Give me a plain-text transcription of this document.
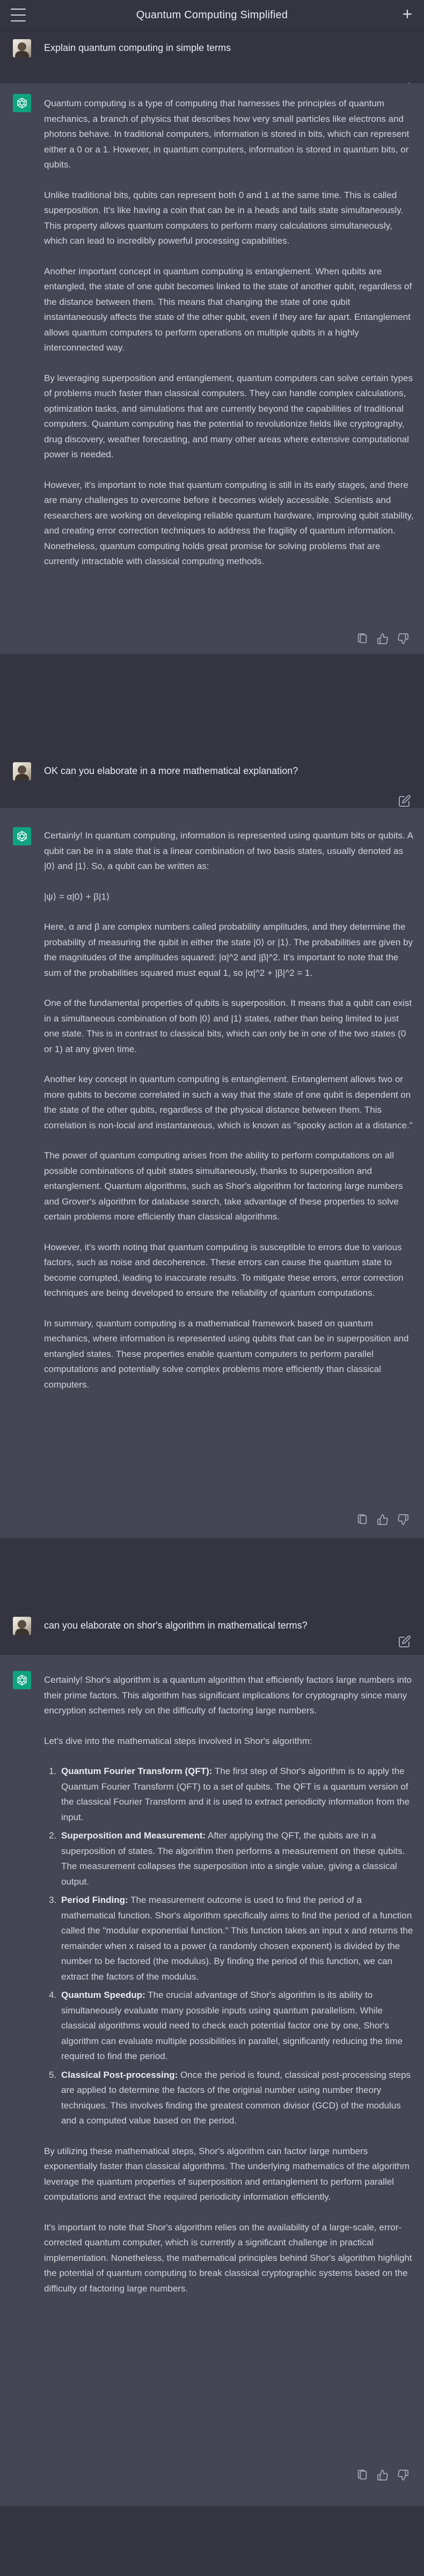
Quantum Computing Simplified	+
Explain quantum computing in simple terms

Quantum computing is a type of computing that harnesses the principles of quantum mechanics, a branch of physics that describes how very small particles like electrons and photons behave. In traditional computers, information is stored in bits, which can represent either a 0 or a 1. However, in quantum computers, information is stored in quantum bits, or qubits.

Unlike traditional bits, qubits can represent both 0 and 1 at the same time. This is called superposition. It's like having a coin that can be in a heads and tails state simultaneously. This property allows quantum computers to perform many calculations simultaneously, which can lead to incredibly powerful processing capabilities.

Another important concept in quantum computing is entanglement. When qubits are entangled, the state of one qubit becomes linked to the state of another qubit, regardless of the distance between them. This means that changing the state of one qubit instantaneously affects the state of the other qubit, even if they are far apart. Entanglement allows quantum computers to perform operations on multiple qubits in a highly interconnected way.

By leveraging superposition and entanglement, quantum computers can solve certain types of problems much faster than classical computers. They can handle complex calculations, optimization tasks, and simulations that are currently beyond the capabilities of traditional computers. Quantum computing has the potential to revolutionize fields like cryptography, drug discovery, weather forecasting, and many other areas where extensive computational power is needed.

However, it's important to note that quantum computing is still in its early stages, and there are many challenges to overcome before it becomes widely accessible. Scientists and researchers are working on developing reliable quantum hardware, improving qubit stability, and creating error correction techniques to address the fragility of quantum information. Nonetheless, quantum computing holds great promise for solving problems that are currently intractable with classical computing methods.

OK can you elaborate in a more mathematical explanation?

Certainly! In quantum computing, information is represented using quantum bits or qubits. A qubit can be in a state that is a linear combination of two basis states, usually denoted as |0⟩ and |1⟩. So, a qubit can be written as:

|ψ⟩ = α|0⟩ + β|1⟩

Here, α and β are complex numbers called probability amplitudes, and they determine the probability of measuring the qubit in either the state |0⟩ or |1⟩. The probabilities are given by the magnitudes of the amplitudes squared: |α|^2 and |β|^2. It's important to note that the sum of the probabilities squared must equal 1, so |α|^2 + |β|^2 = 1.

One of the fundamental properties of qubits is superposition. It means that a qubit can exist in a simultaneous combination of both |0⟩ and |1⟩ states, rather than being limited to just one state. This is in contrast to classical bits, which can only be in one of the two states (0 or 1) at any given time.

Another key concept in quantum computing is entanglement. Entanglement allows two or more qubits to become correlated in such a way that the state of one qubit is dependent on the state of the other qubits, regardless of the physical distance between them. This correlation is non-local and instantaneous, which is known as "spooky action at a distance."

The power of quantum computing arises from the ability to perform computations on all possible combinations of qubit states simultaneously, thanks to superposition and entanglement. Quantum algorithms, such as Shor's algorithm for factoring large numbers and Grover's algorithm for database search, take advantage of these properties to solve certain problems more efficiently than classical algorithms.

However, it's worth noting that quantum computing is susceptible to errors due to various factors, such as noise and decoherence. These errors can cause the quantum state to become corrupted, leading to inaccurate results. To mitigate these errors, error correction techniques are being developed to ensure the reliability of quantum computations.

In summary, quantum computing is a mathematical framework based on quantum mechanics, where information is represented using qubits that can be in superposition and entangled states. These properties enable quantum computers to perform parallel computations and potentially solve complex problems more efficiently than classical computers.

can you elaborate on shor's algorithm in mathematical terms?

Certainly! Shor's algorithm is a quantum algorithm that efficiently factors large numbers into their prime factors. This algorithm has significant implications for cryptography since many encryption schemes rely on the difficulty of factoring large numbers.

Let's dive into the mathematical steps involved in Shor's algorithm:

1. Quantum Fourier Transform (QFT): The first step of Shor's algorithm is to apply the Quantum Fourier Transform (QFT) to a set of qubits. The QFT is a quantum version of the classical Fourier Transform and it is used to extract periodicity information from the input.
2. Superposition and Measurement: After applying the QFT, the qubits are in a superposition of states. The algorithm then performs a measurement on these qubits. The measurement collapses the superposition into a single value, giving a classical output.
3. Period Finding: The measurement outcome is used to find the period of a mathematical function. Shor's algorithm specifically aims to find the period of a function called the "modular exponential function." This function takes an input x and returns the remainder when x raised to a power (a randomly chosen exponent) is divided by the number to be factored (the modulus). By finding the period of this function, we can extract the factors of the modulus.
4. Quantum Speedup: The crucial advantage of Shor's algorithm is its ability to simultaneously evaluate many possible inputs using quantum parallelism. While classical algorithms would need to check each potential factor one by one, Shor's algorithm can evaluate multiple possibilities in parallel, significantly reducing the time required to find the period.
5. Classical Post-processing: Once the period is found, classical post-processing steps are applied to determine the factors of the original number using number theory techniques. This involves finding the greatest common divisor (GCD) of the modulus and a computed value based on the period.

By utilizing these mathematical steps, Shor's algorithm can factor large numbers exponentially faster than classical algorithms. The underlying mathematics of the algorithm leverage the quantum properties of superposition and entanglement to perform parallel computations and extract the required periodicity information efficiently.

It's important to note that Shor's algorithm relies on the availability of a large-scale, error-corrected quantum computer, which is currently a significant challenge in practical implementation. Nonetheless, the mathematical principles behind Shor's algorithm highlight the potential of quantum computing to break classical cryptographic systems based on the difficulty of factoring large numbers.
